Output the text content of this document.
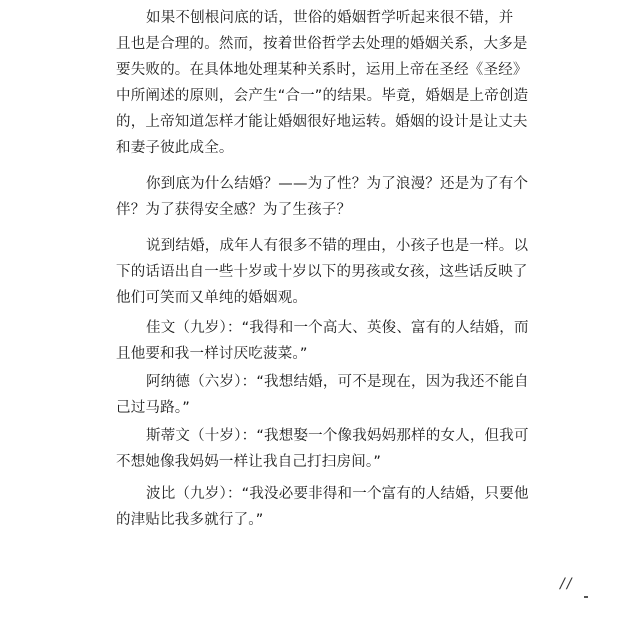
如果不刨根问底的话，世俗的婚姻哲学听起来很不错，并
且也是合理的。然而，按着世俗哲学去处理的婚姻关系，大多是
要失败的。在具体地处理某种关系时，运用上帝在圣经《圣经》
中所阐述的原则，会产生“合一”的结果。毕竟，婚姻是上帝创造
的，上帝知道怎样才能让婚姻很好地运转。婚姻的设计是让丈夫
和妻子彼此成全。
你到底为什么结婚？——为了性？为了浪漫？还是为了有个
伴？为了获得安全感？为了生孩子？
说到结婚，成年人有很多不错的理由，小孩子也是一样。以
下的话语出自一些十岁或十岁以下的男孩或女孩，这些话反映了
他们可笑而又单纯的婚姻观。
佳文（九岁）：“我得和一个高大、英俊、富有的人结婚，而
且他要和我一样讨厌吃菠菜。”
阿纳德（六岁）：“我想结婚，可不是现在，因为我还不能自
己过马路。”
斯蒂文（十岁）：“我想娶一个像我妈妈那样的女人，但我可
不想她像我妈妈一样让我自己打扫房间。”
波比（九岁）：“我没必要非得和一个富有的人结婚，只要他
的津贴比我多就行了。”
//
